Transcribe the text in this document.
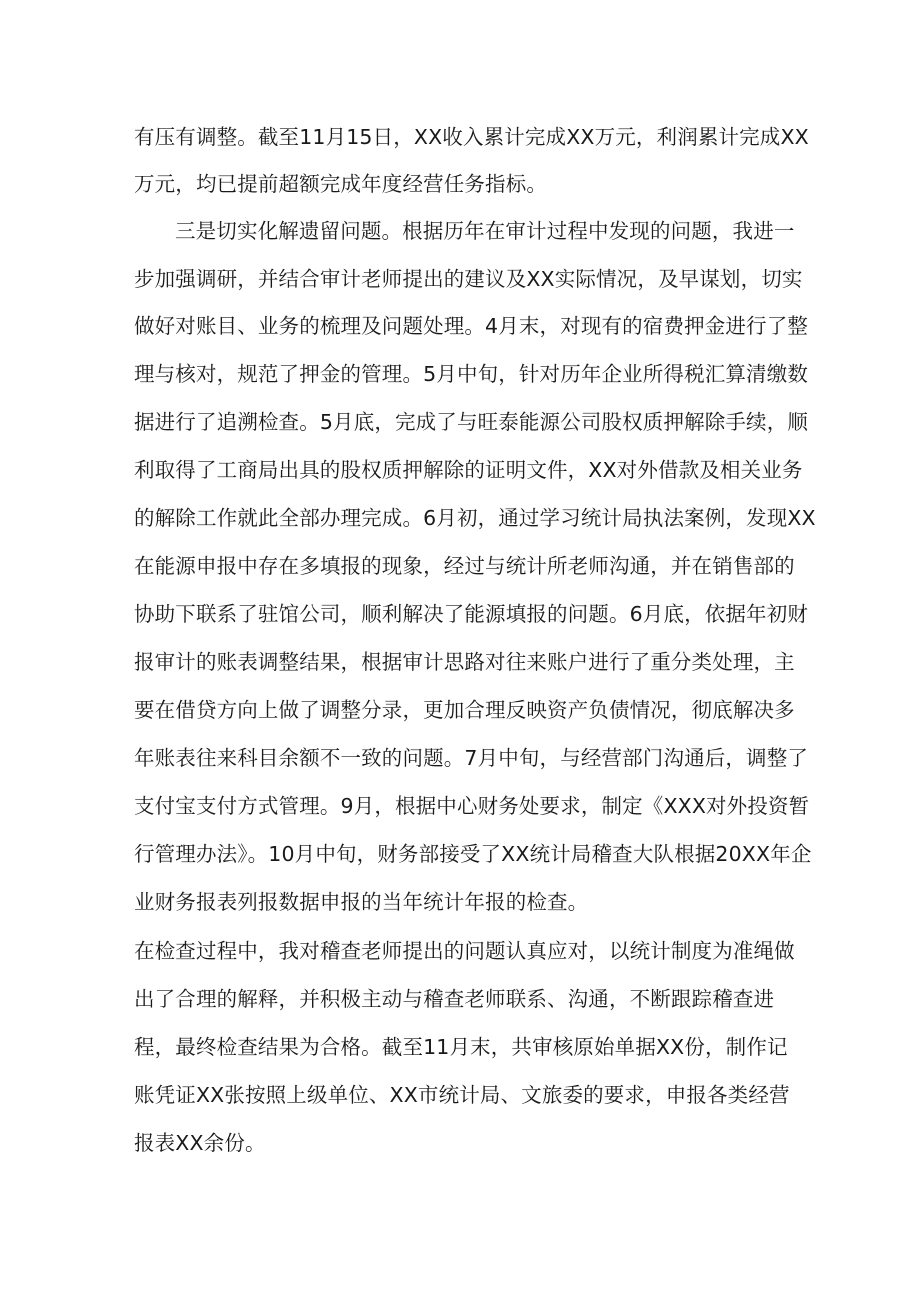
有压有调整。截至11月15日，XX收入累计完成XX万元，利润累计完成XX
万元，均已提前超额完成年度经营任务指标。
三是切实化解遗留问题。根据历年在审计过程中发现的问题，我进一
步加强调研，并结合审计老师提出的建议及XX实际情况，及早谋划，切实
做好对账目、业务的梳理及问题处理。4月末，对现有的宿费押金进行了整
理与核对，规范了押金的管理。5月中旬，针对历年企业所得税汇算清缴数
据进行了追溯检查。5月底，完成了与旺泰能源公司股权质押解除手续，顺
利取得了工商局出具的股权质押解除的证明文件，XX对外借款及相关业务
的解除工作就此全部办理完成。6月初，通过学习统计局执法案例，发现XX
在能源申报中存在多填报的现象，经过与统计所老师沟通，并在销售部的
协助下联系了驻馆公司，顺利解决了能源填报的问题。6月底，依据年初财
报审计的账表调整结果，根据审计思路对往来账户进行了重分类处理，主
要在借贷方向上做了调整分录，更加合理反映资产负债情况，彻底解决多
年账表往来科目余额不一致的问题。7月中旬，与经营部门沟通后，调整了
支付宝支付方式管理。9月，根据中心财务处要求，制定《XXX对外投资暂
行管理办法》。10月中旬，财务部接受了XX统计局稽查大队根据20XX年企
业财务报表列报数据申报的当年统计年报的检查。
在检查过程中，我对稽查老师提出的问题认真应对，以统计制度为准绳做
出了合理的解释，并积极主动与稽查老师联系、沟通，不断跟踪稽查进
程，最终检查结果为合格。截至11月末，共审核原始单据XX份，制作记
账凭证XX张按照上级单位、XX市统计局、文旅委的要求，申报各类经营
报表XX余份。
